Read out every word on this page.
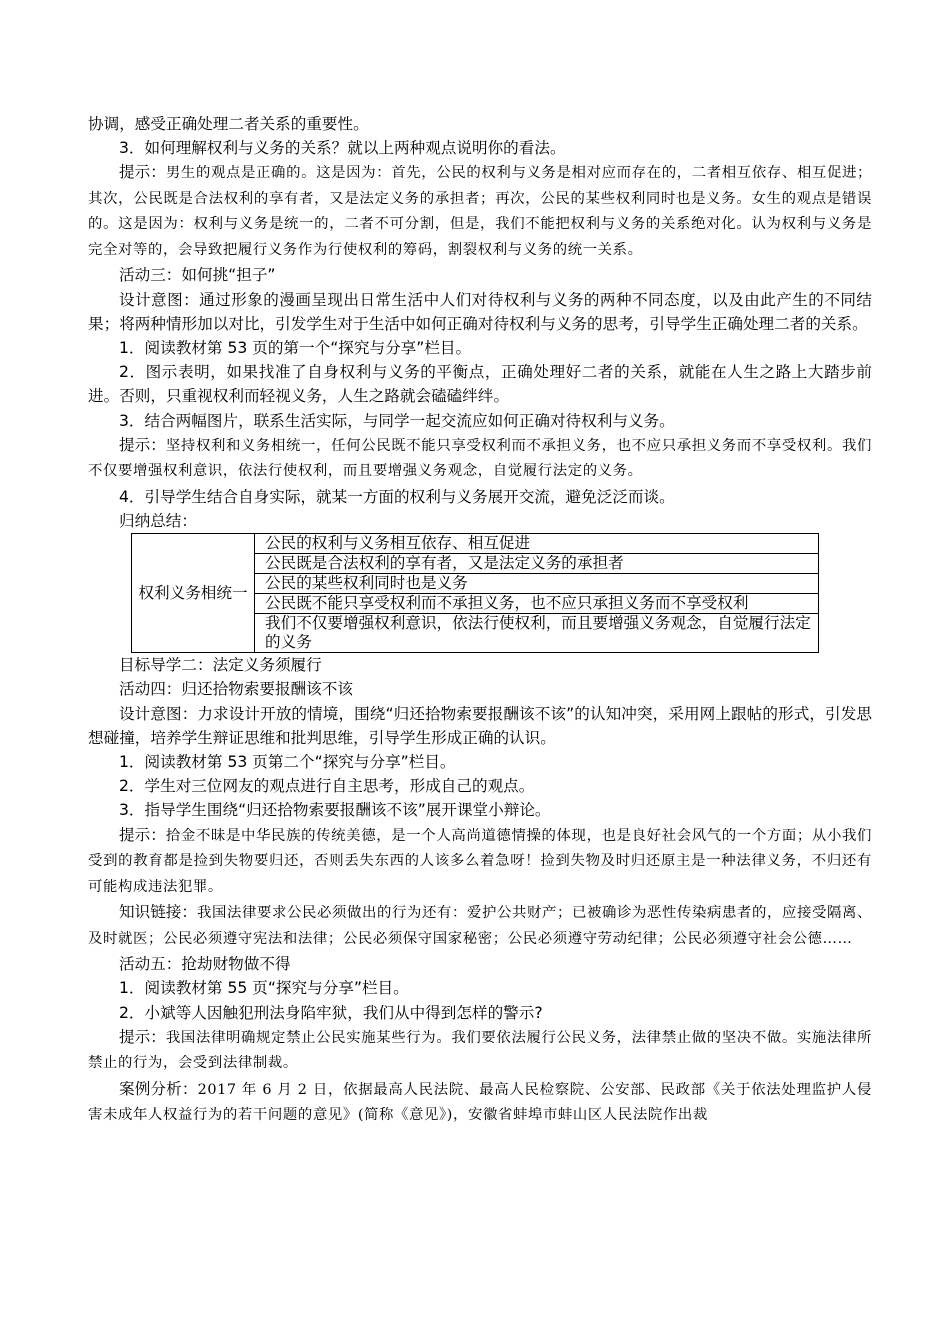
协调，感受正确处理二者关系的重要性。

3．如何理解权利与义务的关系？就以上两种观点说明你的看法。

提示：男生的观点是正确的。这是因为：首先，公民的权利与义务是相对应而存在的，二者相互依存、相互促进；其次，公民既是合法权利的享有者，又是法定义务的承担者；再次，公民的某些权利同时也是义务。女生的观点是错误的。这是因为：权利与义务是统一的，二者不可分割，但是，我们不能把权利与义务的关系绝对化。认为权利与义务是完全对等的，会导致把履行义务作为行使权利的筹码，割裂权利与义务的统一关系。

活动三：如何挑“担子”

设计意图：通过形象的漫画呈现出日常生活中人们对待权利与义务的两种不同态度，以及由此产生的不同结果；将两种情形加以对比，引发学生对于生活中如何正确对待权利与义务的思考，引导学生正确处理二者的关系。

1．阅读教材第 53 页的第一个“探究与分享”栏目。

2．图示表明，如果找准了自身权利与义务的平衡点，正确处理好二者的关系，就能在人生之路上大踏步前进。否则，只重视权利而轻视义务，人生之路就会磕磕绊绊。

3．结合两幅图片，联系生活实际，与同学一起交流应如何正确对待权利与义务。

提示：坚持权利和义务相统一，任何公民既不能只享受权利而不承担义务，也不应只承担义务而不享受权利。我们不仅要增强权利意识，依法行使权利，而且要增强义务观念，自觉履行法定的义务。

4．引导学生结合自身实际，就某一方面的权利与义务展开交流，避免泛泛而谈。

归纳总结：

权利义务相统一	公民的权利与义务相互依存、相互促进
公民既是合法权利的享有者，又是法定义务的承担者
公民的某些权利同时也是义务
公民既不能只享受权利而不承担义务，也不应只承担义务而不享受权利
我们不仅要增强权利意识，依法行使权利，而且要增强义务观念，自觉履行法定的义务

目标导学二：法定义务须履行

活动四：归还拾物索要报酬该不该

设计意图：力求设计开放的情境，围绕“归还拾物索要报酬该不该”的认知冲突，采用网上跟帖的形式，引发思想碰撞，培养学生辩证思维和批判思维，引导学生形成正确的认识。

1．阅读教材第 53 页第二个“探究与分享”栏目。

2．学生对三位网友的观点进行自主思考，形成自己的观点。

3．指导学生围绕“归还拾物索要报酬该不该”展开课堂小辩论。

提示：拾金不昧是中华民族的传统美德，是一个人高尚道德情操的体现，也是良好社会风气的一个方面；从小我们受到的教育都是捡到失物要归还，否则丢失东西的人该多么着急呀！捡到失物及时归还原主是一种法律义务，不归还有可能构成违法犯罪。

知识链接：我国法律要求公民必须做出的行为还有：爱护公共财产；已被确诊为恶性传染病患者的，应接受隔离、及时就医；公民必须遵守宪法和法律；公民必须保守国家秘密；公民必须遵守劳动纪律；公民必须遵守社会公德……

活动五：抢劫财物做不得

1．阅读教材第 55 页“探究与分享”栏目。

2．小斌等人因触犯刑法身陷牢狱，我们从中得到怎样的警示?

提示：我国法律明确规定禁止公民实施某些行为。我们要依法履行公民义务，法律禁止做的坚决不做。实施法律所禁止的行为，会受到法律制裁。

案例分析：2017 年 6 月 2 日，依据最高人民法院、最高人民检察院、公安部、民政部《关于依法处理监护人侵害未成年人权益行为的若干问题的意见》(简称《意见》)，安徽省蚌埠市蚌山区人民法院作出裁
